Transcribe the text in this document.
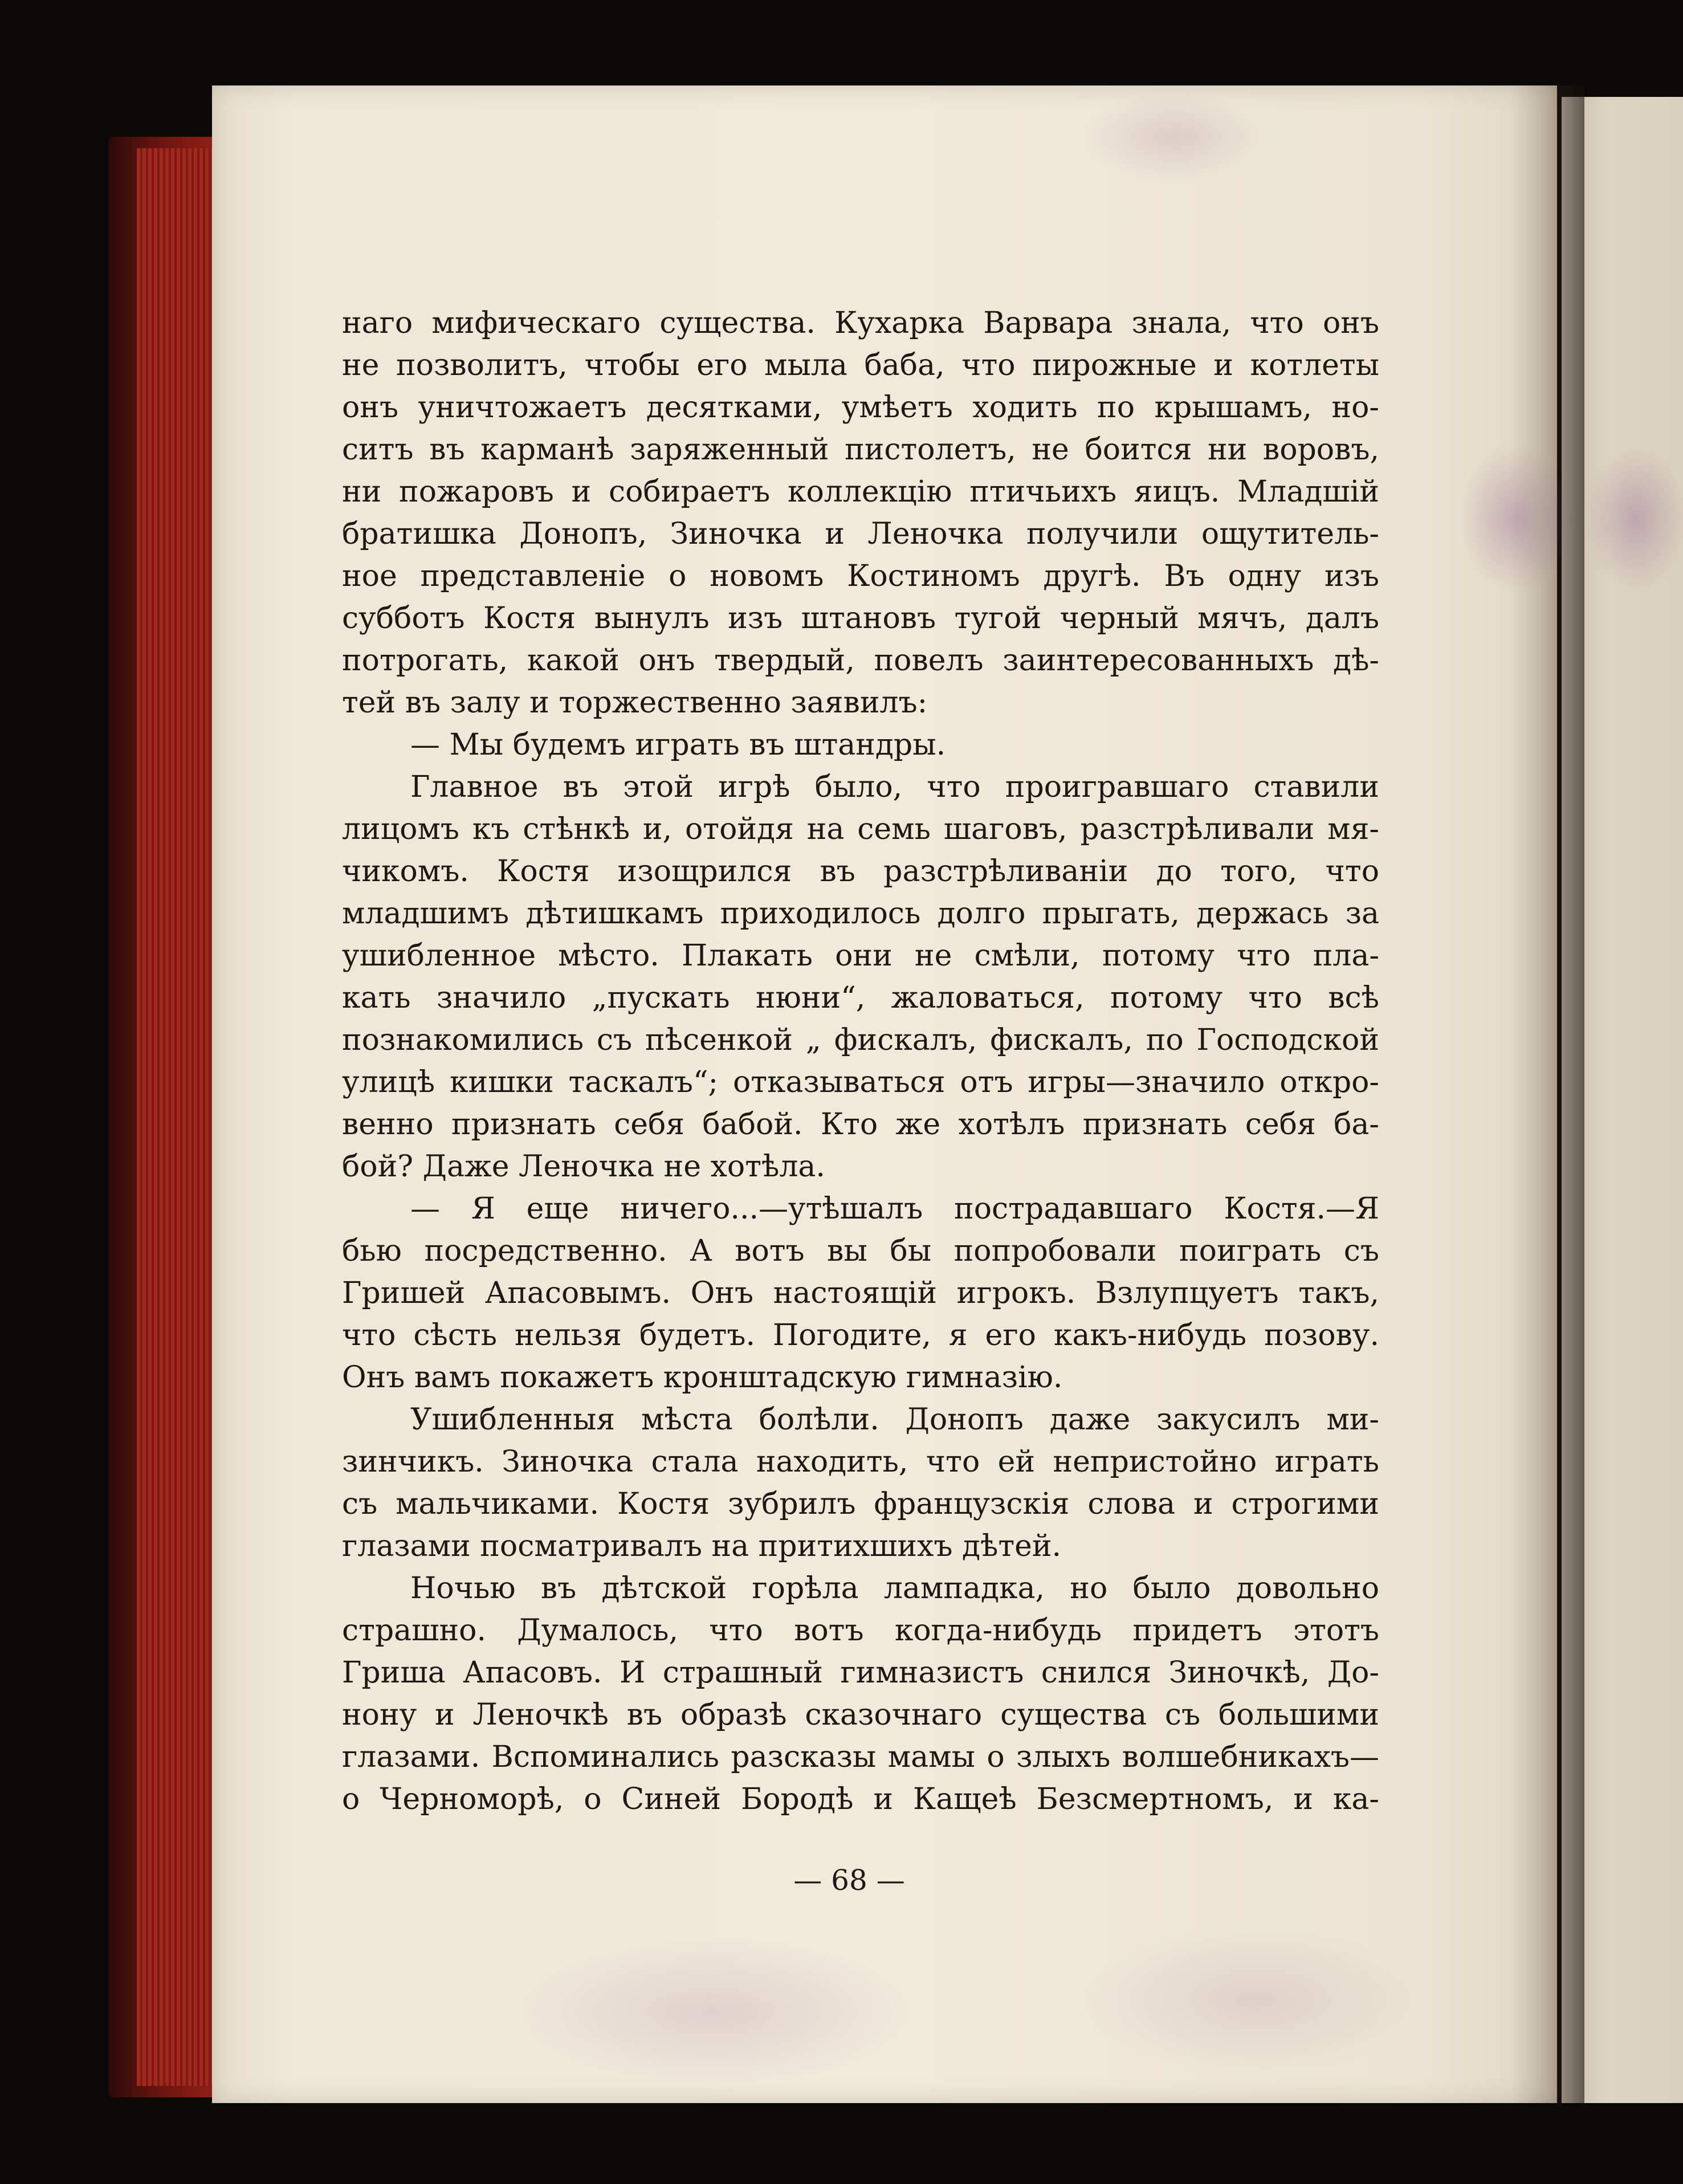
наго мифическаго существа. Кухарка Варвара знала, что онъ
не позволитъ, чтобы его мыла баба, что пирожные и котлеты
онъ уничтожаетъ десятками, умѣетъ ходить по крышамъ, но-
ситъ въ карманѣ заряженный пистолетъ, не боится ни воровъ,
ни пожаровъ и собираетъ коллекцію птичьихъ яицъ. Младшій
братишка Донопъ, Зиночка и Леночка получили ощутитель-
ное представленіе о новомъ Костиномъ другѣ. Въ одну изъ
субботъ Костя вынулъ изъ штановъ тугой черный мячъ, далъ
потрогать, какой онъ твердый, повелъ заинтересованныхъ дѣ-
тей въ залу и торжественно заявилъ:
— Мы будемъ играть въ штандры.
Главное въ этой игрѣ было, что проигравшаго ставили
лицомъ къ стѣнкѣ и, отойдя на семь шаговъ, разстрѣливали мя-
чикомъ. Костя изощрился въ разстрѣливаніи до того, что
младшимъ дѣтишкамъ приходилось долго прыгать, держась за
ушибленное мѣсто. Плакать они не смѣли, потому что пла-
кать значило „пускать нюни“, жаловаться, потому что всѣ
познакомились съ пѣсенкой „ фискалъ, фискалъ, по Господской
улицѣ кишки таскалъ“; отказываться отъ игры—значило откро-
венно признать себя бабой. Кто же хотѣлъ признать себя ба-
бой? Даже Леночка не хотѣла.
— Я еще ничего...—утѣшалъ пострадавшаго Костя.—Я
бью посредственно. А вотъ вы бы попробовали поиграть съ
Гришей Апасовымъ. Онъ настоящій игрокъ. Взлупцуетъ такъ,
что сѣсть нельзя будетъ. Погодите, я его какъ-нибудь позову.
Онъ вамъ покажетъ кронштадскую гимназію.
Ушибленныя мѣста болѣли. Донопъ даже закусилъ ми-
зинчикъ. Зиночка стала находить, что ей непристойно играть
съ мальчиками. Костя зубрилъ французскія слова и строгими
глазами посматривалъ на притихшихъ дѣтей.
Ночью въ дѣтской горѣла лампадка, но было довольно
страшно. Думалось, что вотъ когда-нибудь придетъ этотъ
Гриша Апасовъ. И страшный гимназистъ снился Зиночкѣ, До-
нону и Леночкѣ въ образѣ сказочнаго существа съ большими
глазами. Вспоминались разсказы мамы о злыхъ волшебникахъ—
о Черноморѣ, о Синей Бородѣ и Кащеѣ Безсмертномъ, и ка-
— 68 —
